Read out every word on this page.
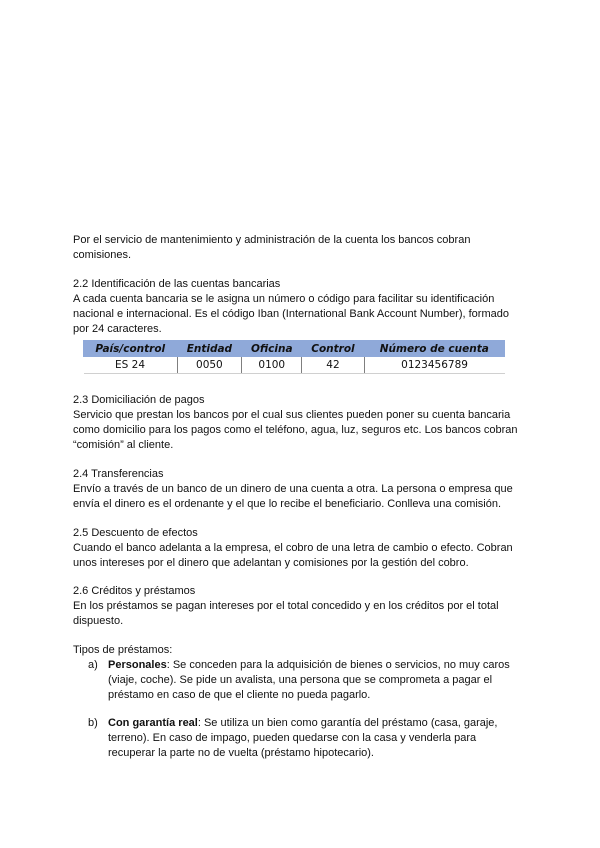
Por el servicio de mantenimiento y administración de la cuenta los bancos cobran

comisiones.

2.2 Identificación de las cuentas bancarias

A cada cuenta bancaria se le asigna un número o código para facilitar su identificación

nacional e internacional. Es el código Iban (International Bank Account Number), formado

por 24 caracteres.

País/control	Entidad	Oficina	Control	Número de cuenta
ES 24	0050	0100	42	0123456789

2.3 Domiciliación de pagos

Servicio que prestan los bancos por el cual sus clientes pueden poner su cuenta bancaria

como domicilio para los pagos como el teléfono, agua, luz, seguros etc. Los bancos cobran

“comisión” al cliente.

2.4 Transferencias

Envío a través de un banco de un dinero de una cuenta a otra. La persona o empresa que

envía el dinero es el ordenante y el que lo recibe el beneficiario. Conlleva una comisión.

2.5 Descuento de efectos

Cuando el banco adelanta a la empresa, el cobro de una letra de cambio o efecto. Cobran

unos intereses por el dinero que adelantan y comisiones por la gestión del cobro.

2.6 Créditos y préstamos

En los préstamos se pagan intereses por el total concedido y en los créditos por el total

dispuesto.

Tipos de préstamos:

a) Personales: Se conceden para la adquisición de bienes o servicios, no muy caros

(viaje, coche). Se pide un avalista, una persona que se comprometa a pagar el

préstamo en caso de que el cliente no pueda pagarlo.

b) Con garantía real: Se utiliza un bien como garantía del préstamo (casa, garaje,

terreno). En caso de impago, pueden quedarse con la casa y venderla para

recuperar la parte no de vuelta (préstamo hipotecario).
